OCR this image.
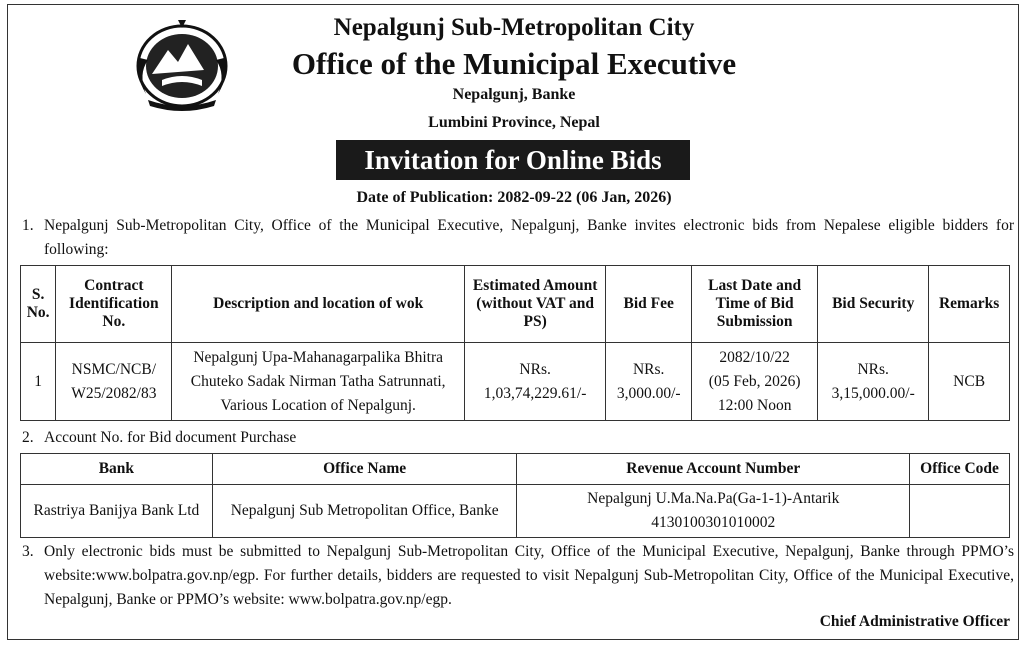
Nepalgunj Sub-Metropolitan City
Office of the Municipal Executive
Nepalgunj, Banke
Lumbini Province, Nepal
Invitation for Online Bids
Date of Publication: 2082-09-22 (06 Jan, 2026)
1. Nepalgunj Sub-Metropolitan City, Office of the Municipal Executive, Nepalgunj, Banke invites electronic bids from Nepalese eligible bidders for following:
S. No.	Contract Identification No.	Description and location of wok	Estimated Amount (without VAT and PS)	Bid Fee	Last Date and Time of Bid Submission	Bid Security	Remarks
1	NSMC/NCB/
W25/2082/83	Nepalgunj Upa-Mahanagarpalika Bhitra
Chuteko Sadak Nirman Tatha Satrunnati,
Various Location of Nepalgunj.	NRs.
1,03,74,229.61/-	NRs.
3,000.00/-	2082/10/22
(05 Feb, 2026)
12:00 Noon	NRs.
3,15,000.00/-	NCB
2. Account No. for Bid document Purchase
Bank	Office Name	Revenue Account Number	Office Code
Rastriya Banijya Bank Ltd	Nepalgunj Sub Metropolitan Office, Banke	Nepalgunj U.Ma.Na.Pa(Ga-1-1)-Antarik
4130100301010002	

3. Only electronic bids must be submitted to Nepalgunj Sub-Metropolitan City, Office of the Municipal Executive, Nepalgunj, Banke through PPMO’s website:www.bolpatra.gov.np/egp. For further details, bidders are requested to visit Nepalgunj Sub-Metropolitan City, Office of the Municipal Executive, Nepalgunj, Banke or PPMO’s website: www.bolpatra.gov.np/egp.
Chief Administrative Officer
